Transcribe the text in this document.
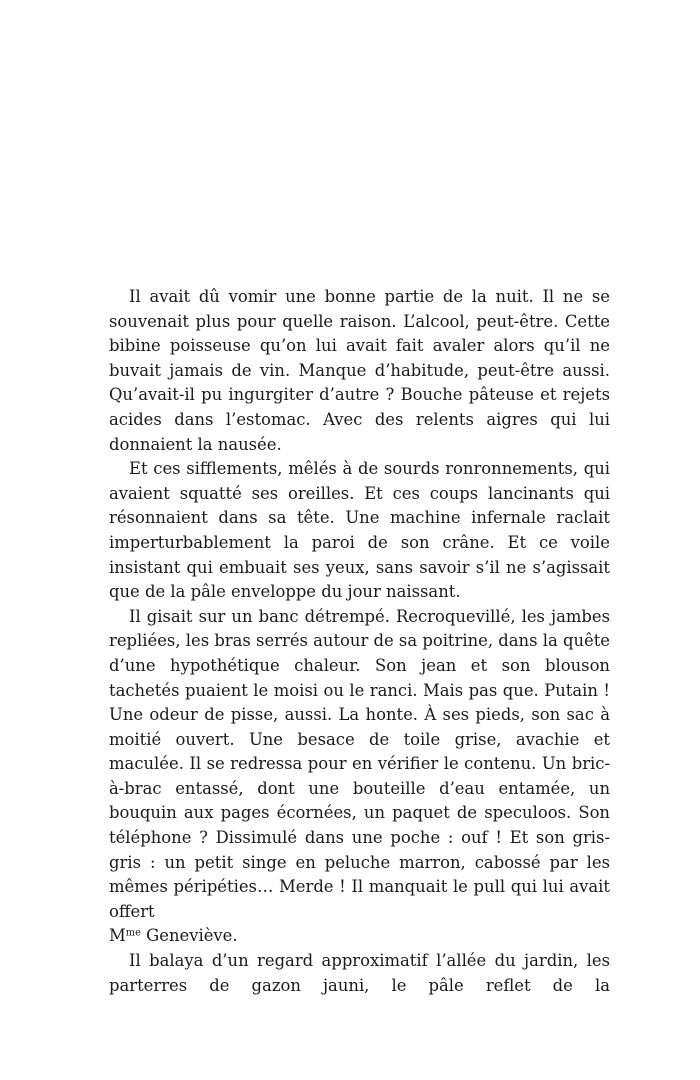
Il avait dû vomir une bonne partie de la nuit. Il ne se souvenait plus pour quelle raison. L’alcool, peut-être. Cette bibine poisseuse qu’on lui avait fait avaler alors qu’il ne buvait jamais de vin. Manque d’habitude, peut-être aussi. Qu’avait-il pu ingurgiter d’autre ? Bouche pâteuse et rejets acides dans l’estomac. Avec des relents aigres qui lui donnaient la nausée.

Et ces sifflements, mêlés à de sourds ronronnements, qui avaient squatté ses oreilles. Et ces coups lancinants qui résonnaient dans sa tête. Une machine infernale raclait imperturbablement la paroi de son crâne. Et ce voile insistant qui embuait ses yeux, sans savoir s’il ne s’agissait que de la pâle enveloppe du jour naissant.

Il gisait sur un banc détrempé. Recroquevillé, les jambes repliées, les bras serrés autour de sa poitrine, dans la quête d’une hypothétique chaleur. Son jean et son blouson tachetés puaient le moisi ou le ranci. Mais pas que. Putain ! Une odeur de pisse, aussi. La honte. À ses pieds, son sac à moitié ouvert. Une besace de toile grise, avachie et maculée. Il se redressa pour en vérifier le contenu. Un bric-à-brac entassé, dont une bouteille d’eau entamée, un bouquin aux pages écornées, un paquet de speculoos. Son téléphone ? Dissimulé dans une poche : ouf ! Et son gris-gris : un petit singe en peluche marron, cabossé par les mêmes péripéties… Merde ! Il manquait le pull qui lui avait offert
$M^{me}$ Geneviève.

Il balaya d’un regard approximatif l’allée du jardin, les parterres de gazon jauni, le pâle reflet de la
